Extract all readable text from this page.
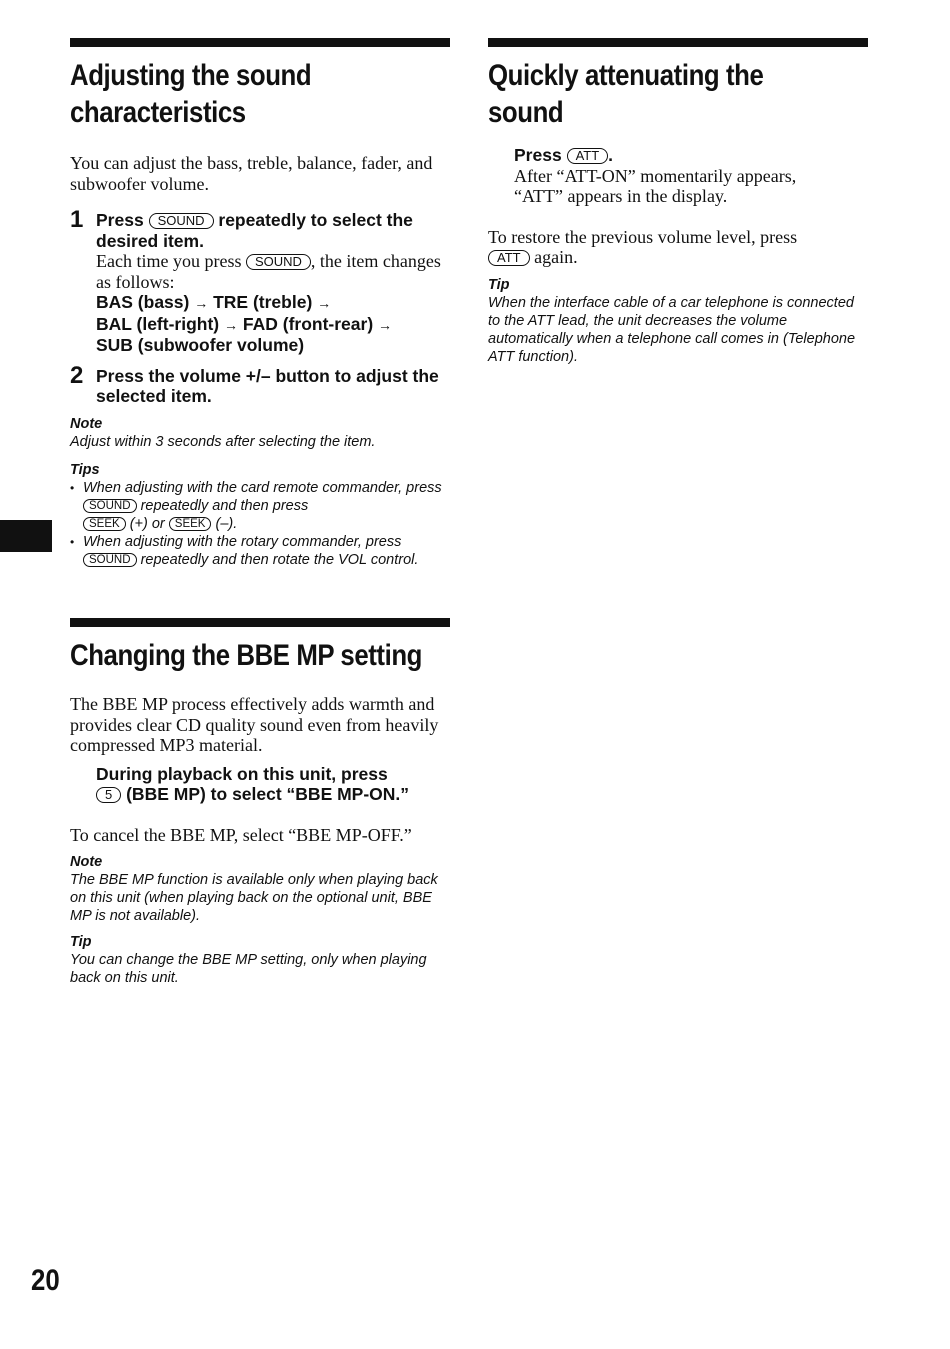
Adjusting the sound
characteristics

You can adjust the bass, treble, balance, fader, and subwoofer volume.

1 Press SOUND repeatedly to select the desired item.
Each time you press SOUND , the item changes as follows:
BAS (bass) → TRE (treble) →
BAL (left-right) → FAD (front-rear) →
SUB (subwoofer volume)
2 Press the volume +/– button to adjust the selected item.
Note
Adjust within 3 seconds after selecting the item.
Tips
• When adjusting with the card remote commander, press SOUND repeatedly and then press
SEEK (+) or SEEK (–).
• When adjusting with the rotary commander, press
SOUND repeatedly and then rotate the VOL control.
Changing the BBE MP setting

The BBE MP process effectively adds warmth and provides clear CD quality sound even from heavily compressed MP3 material.

During playback on this unit, press
5 (BBE MP) to select “BBE MP-ON.”

To cancel the BBE MP, select “BBE MP-OFF.”

Note
The BBE MP function is available only when playing back on this unit (when playing back on the optional unit, BBE MP is not available).
Tip
You can change the BBE MP setting, only when playing back on this unit.
Quickly attenuating the
sound
Press ATT .
After “ATT-ON” momentarily appears, “ATT” appears in the display.
To restore the previous volume level, press
ATT again.
Tip
When the interface cable of a car telephone is connected to the ATT lead, the unit decreases the volume automatically when a telephone call comes in (Telephone ATT function).
20
